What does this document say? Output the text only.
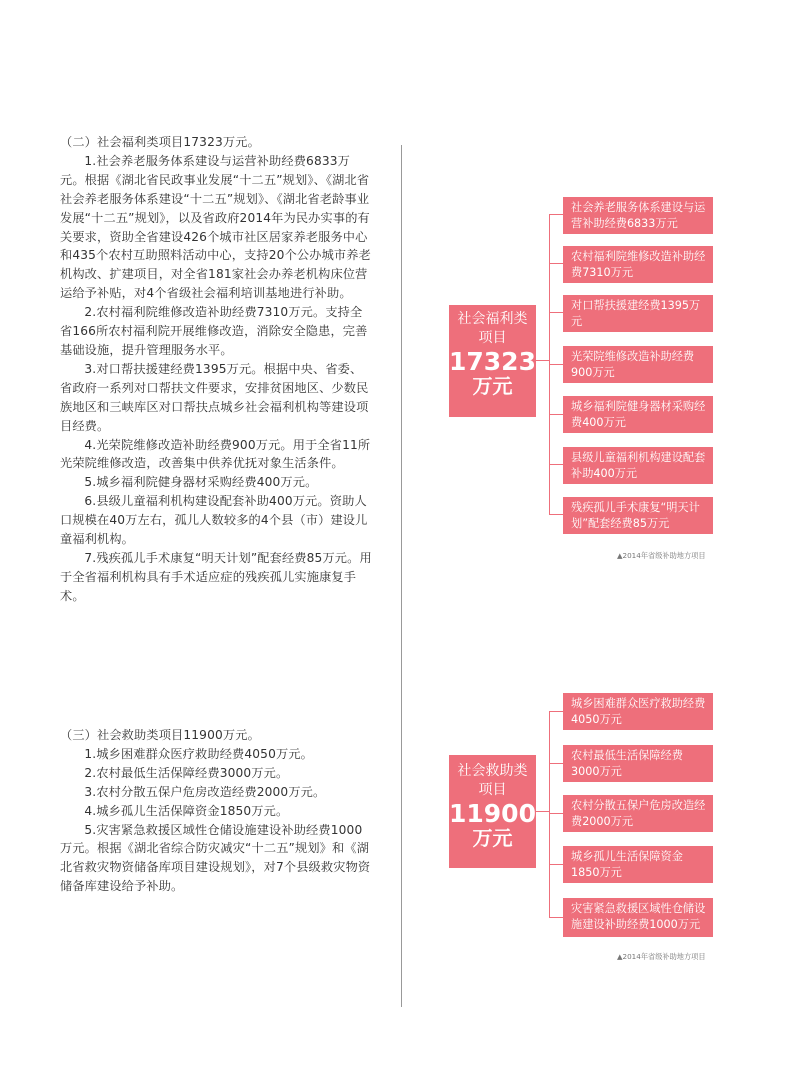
（二）社会福利类项目17323万元。

1.社会养老服务体系建设与运营补助经费6833万元。根据《湖北省民政事业发展“十二五”规划》、《湖北省社会养老服务体系建设“十二五”规划》、《湖北省老龄事业发展“十二五”规划》，以及省政府2014年为民办实事的有关要求，资助全省建设426个城市社区居家养老服务中心和435个农村互助照料活动中心，支持20个公办城市养老机构改、扩建项目，对全省181家社会办养老机构床位营运给予补贴，对4个省级社会福利培训基地进行补助。

2.农村福利院维修改造补助经费7310万元。支持全省166所农村福利院开展维修改造，消除安全隐患，完善基础设施，提升管理服务水平。

3.对口帮扶援建经费1395万元。根据中央、省委、省政府一系列对口帮扶文件要求，安排贫困地区、少数民族地区和三峡库区对口帮扶点城乡社会福利机构等建设项目经费。

4.光荣院维修改造补助经费900万元。用于全省11所光荣院维修改造，改善集中供养优抚对象生活条件。

5.城乡福利院健身器材采购经费400万元。

6.县级儿童福利机构建设配套补助400万元。资助人口规模在40万左右，孤儿人数较多的4个县（市）建设儿童福利机构。

7.残疾孤儿手术康复“明天计划”配套经费85万元。用于全省福利机构具有手术适应症的残疾孤儿实施康复手术。

（三）社会救助类项目11900万元。

1.城乡困难群众医疗救助经费4050万元。

2.农村最低生活保障经费3000万元。

3.农村分散五保户危房改造经费2000万元。

4.城乡孤儿生活保障资金1850万元。

5.灾害紧急救援区域性仓储设施建设补助经费1000万元。根据《湖北省综合防灾减灾“十二五”规划》和《湖北省救灾物资储备库项目建设规划》，对7个县级救灾物资储备库建设给予补助。

社会福利类
项目
17323
万元
社会养老服务体系建设与运营补助经费6833万元
农村福利院维修改造补助经费7310万元
对口帮扶援建经费1395万元
光荣院维修改造补助经费900万元
城乡福利院健身器材采购经费400万元
县级儿童福利机构建设配套补助400万元
残疾孤儿手术康复“明天计划”配套经费85万元
▲2014年省级补助地方项目
社会救助类
项目
11900
万元
城乡困难群众医疗救助经费4050万元
农村最低生活保障经费3000万元
农村分散五保户危房改造经费2000万元
城乡孤儿生活保障资金1850万元
灾害紧急救援区域性仓储设施建设补助经费1000万元
▲2014年省级补助地方项目
